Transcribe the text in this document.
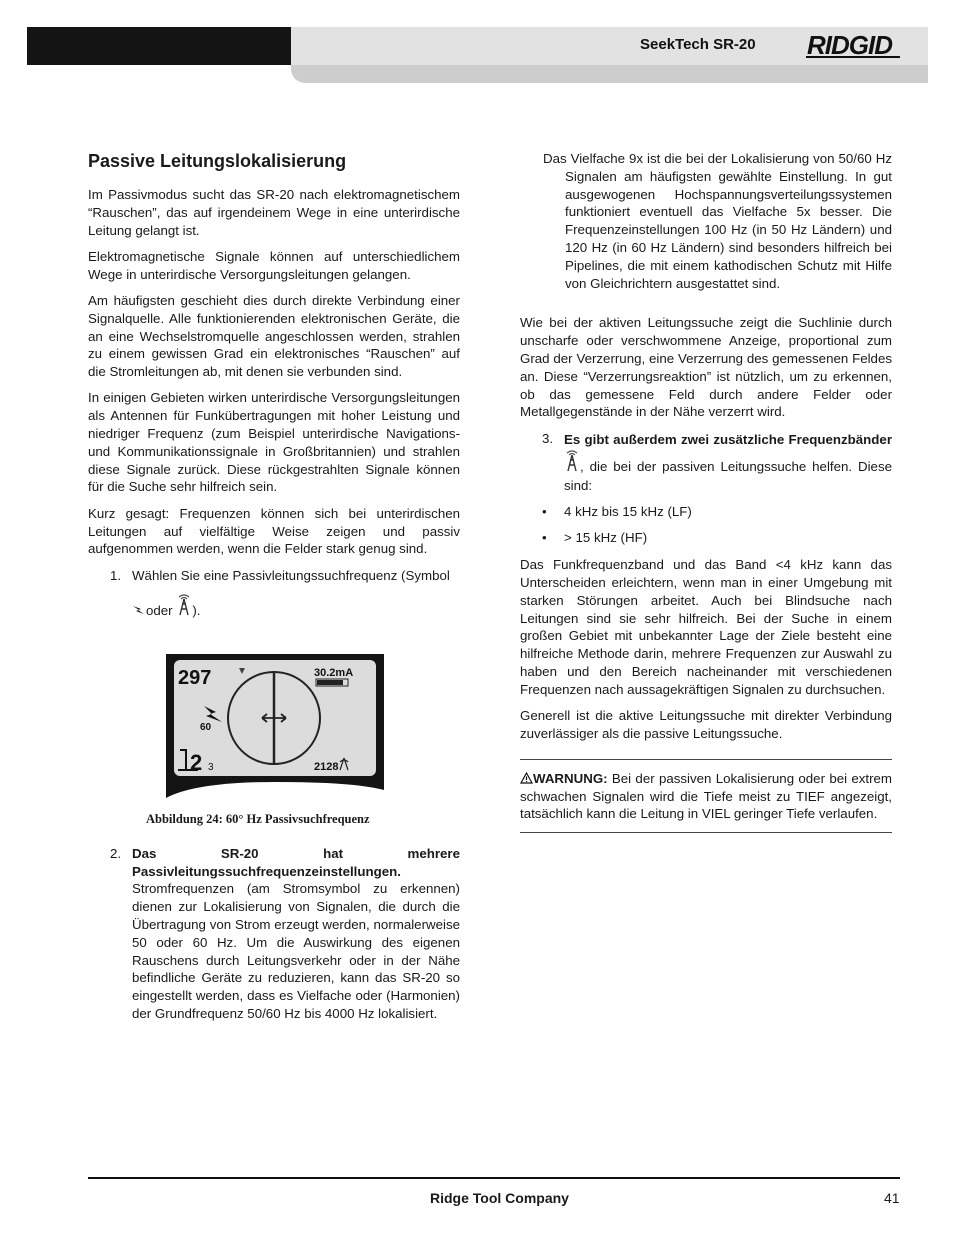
SeekTech SR-20 RIDGID
Passive Leitungslokalisierung

Im Passivmodus sucht das SR-20 nach elektromagnetischem “Rauschen”, das auf irgendeinem Wege in eine unterirdische Leitung gelangt ist.

Elektromagnetische Signale können auf unterschiedlichem Wege in unterirdische Versorgungsleitungen gelangen.

Am häufigsten geschieht dies durch direkte Verbindung einer Signalquelle. Alle funktionierenden elektronischen Geräte, die an eine Wechselstromquelle angeschlossen werden, strahlen zu einem gewissen Grad ein elektronisches “Rauschen” auf die Stromleitungen ab, mit denen sie verbunden sind.

In einigen Gebieten wirken unterirdische Versorgungsleitungen als Antennen für Funkübertragungen mit hoher Leistung und niedriger Frequenz (zum Beispiel unterirdische Navigations- und Kommunikationssignale in Großbritannien) und strahlen diese Signale zurück. Diese rückgestrahlten Signale können für die Suche sehr hilfreich sein.

Kurz gesagt: Frequenzen können sich bei unterirdischen Leitungen auf vielfältige Weise zeigen und passiv aufgenommen werden, wenn die Felder stark genug sind.

1. Wählen Sie eine Passivleitungssuchfrequenz (Symbol
oder ).
297	30.2mA
60
2 3	2128
Abbildung 24: 60° Hz Passivsuchfrequenz
2. Das SR-20 hat mehrere Passivleitungssuchfrequenzeinstellungen. Stromfrequenzen (am Stromsymbol zu erkennen) dienen zur Lokalisierung von Signalen, die durch die Übertragung von Strom erzeugt werden, normalerweise 50 oder 60 Hz. Um die Auswirkung des eigenen Rauschens durch Leitungsverkehr oder in der Nähe befindliche Geräte zu reduzieren, kann das SR-20 so eingestellt werden, dass es Vielfache oder (Harmonien) der Grundfrequenz 50/60 Hz bis 4000 Hz lokalisiert.

Das Vielfache 9x ist die bei der Lokalisierung von 50/60 Hz Signalen am häufigsten gewählte Einstellung. In gut ausgewogenen Hochspannungsverteilungssystemen funktioniert eventuell das Vielfache 5x besser. Die Frequenzeinstellungen 100 Hz (in 50 Hz Ländern) und 120 Hz (in 60 Hz Ländern) sind besonders hilfreich bei Pipelines, die mit einem kathodischen Schutz mit Hilfe von Gleichrichtern ausgestattet sind.

Wie bei der aktiven Leitungssuche zeigt die Suchlinie durch unscharfe oder verschwommene Anzeige, proportional zum Grad der Verzerrung, eine Verzerrung des gemessenen Feldes an. Diese “Verzerrungsreaktion” ist nützlich, um zu erkennen, ob das gemessene Feld durch andere Felder oder Metallgegenstände in der Nähe verzerrt wird.

3. Es gibt außerdem zwei zusätzliche Frequenzbänder , die bei der passiven Leitungssuche helfen. Diese sind:
•	4 kHz bis 15 kHz (LF)
•	> 15 kHz (HF)

Das Funkfrequenzband und das Band <4 kHz kann das Unterscheiden erleichtern, wenn man in einer Umgebung mit starken Störungen arbeitet. Auch bei Blindsuche nach Leitungen sind sie sehr hilfreich. Bei der Suche in einem großen Gebiet mit unbekannter Lage der Ziele besteht eine hilfreiche Methode darin, mehrere Frequenzen zur Auswahl zu haben und den Bereich nacheinander mit verschiedenen Frequenzen nach aussagekräftigen Signalen zu durchsuchen.

Generell ist die aktive Leitungssuche mit direkter Verbindung zuverlässiger als die passive Leitungssuche.

WARNUNG: Bei der passiven Lokalisierung oder bei extrem schwachen Signalen wird die Tiefe meist zu TIEF angezeigt, tatsächlich kann die Leitung in VIEL geringer Tiefe verlaufen.
Ridge Tool Company	41
